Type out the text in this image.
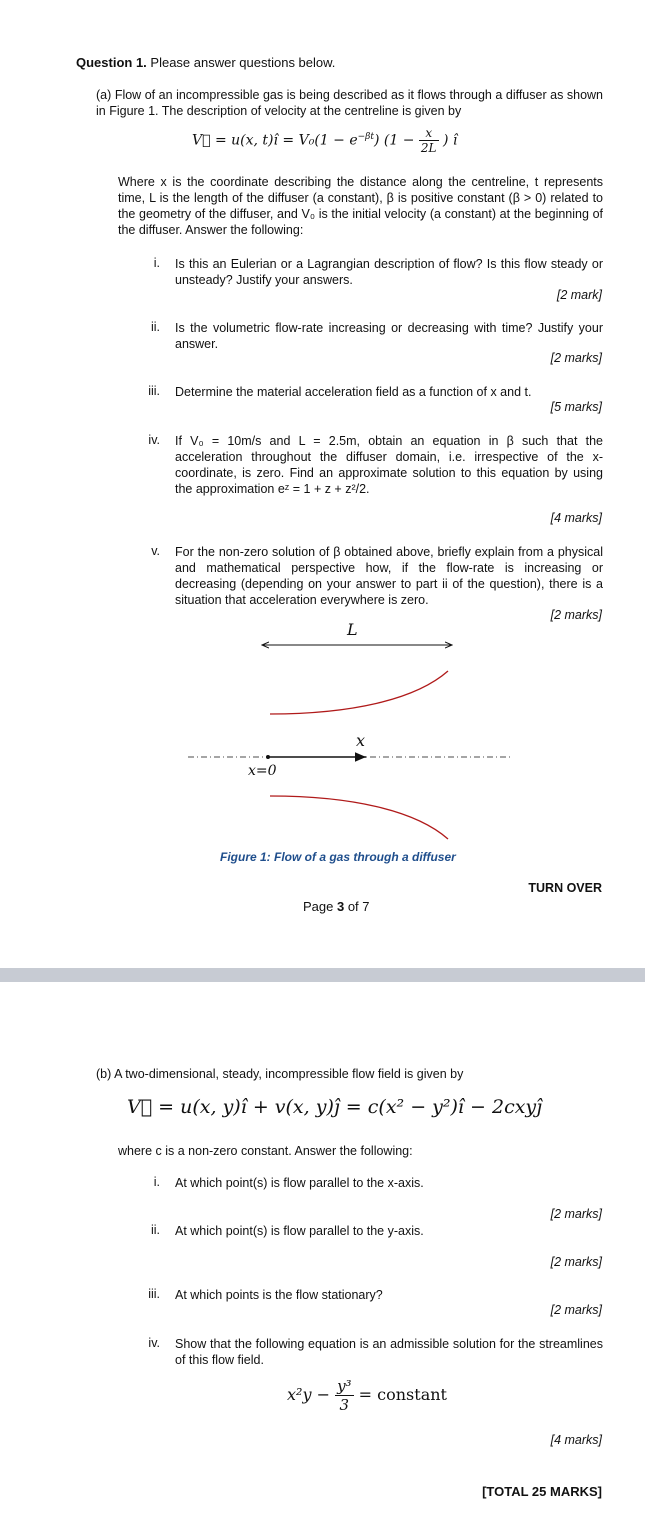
Question 1. Please answer questions below.
(a) Flow of an incompressible gas is being described as it flows through a diffuser as shown in Figure 1. The description of velocity at the centreline is given by
V⃗ = u(x, t)î = $V_0(1 - e^{-\beta t})$ ($1 - \frac{x}{2L}$ ) î
Where x is the coordinate describing the distance along the centreline, t represents time, L is the length of the diffuser (a constant), β is positive constant (β > 0) related to the geometry of the diffuser, and V₀ is the initial velocity (a constant) at the beginning of the diffuser. Answer the following:
i. Is this an Eulerian or a Lagrangian description of flow? Is this flow steady or unsteady? Justify your answers.
[2 mark]
ii. Is the volumetric flow-rate increasing or decreasing with time? Justify your answer.
[2 marks]
iii. Determine the material acceleration field as a function of x and t.
[5 marks]
iv. If V₀ = 10m/s and L = 2.5m, obtain an equation in β such that the acceleration throughout the diffuser domain, i.e. irrespective of the x-coordinate, is zero. Find an approximate solution to this equation by using the approximation eᶻ = 1 + z + z²/2.
[4 marks]
v. For the non-zero solution of β obtained above, briefly explain from a physical and mathematical perspective how, if the flow-rate is increasing or decreasing (depending on your answer to part ii of the question), there is a situation that acceleration everywhere is zero.
[2 marks]
L
x
x=0
Figure 1: Flow of a gas through a diffuser
TURN OVER
Page 3 of 7
(b) A two-dimensional, steady, incompressible flow field is given by
V⃗ = u(x, y)î + v(x, y)ĵ = c(x² − y²)î − 2cxyĵ
where c is a non-zero constant. Answer the following:
i. At which point(s) is flow parallel to the x-axis.
[2 marks]
ii. At which point(s) is flow parallel to the y-axis.
[2 marks]
iii. At which points is the flow stationary?
[2 marks]
iv. Show that the following equation is an admissible solution for the streamlines of this flow field.
$x^2y - \frac{\text{y³}}{3}$ = constant
[4 marks]
[TOTAL 25 MARKS]
